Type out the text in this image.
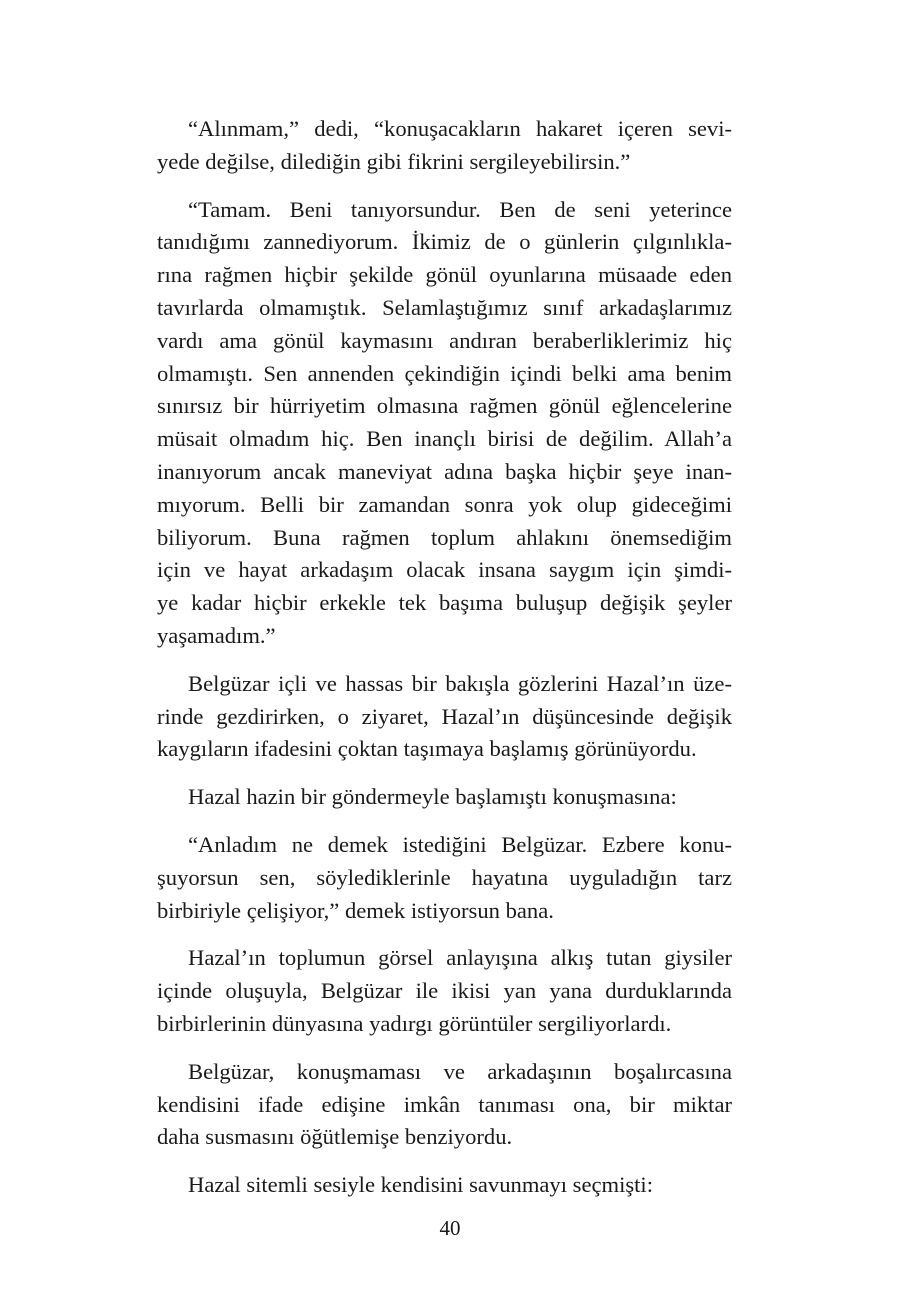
“Alınmam,” dedi, “konuşacakların hakaret içeren sevi-
yede değilse, dilediğin gibi fikrini sergileyebilirsin.”
“Tamam. Beni tanıyorsundur. Ben de seni yeterince
tanıdığımı zannediyorum. İkimiz de o günlerin çılgınlıkla-
rına rağmen hiçbir şekilde gönül oyunlarına müsaade eden
tavırlarda olmamıştık. Selamlaştığımız sınıf arkadaşlarımız
vardı ama gönül kaymasını andıran beraberliklerimiz hiç
olmamıştı. Sen annenden çekindiğin içindi belki ama benim
sınırsız bir hürriyetim olmasına rağmen gönül eğlencelerine
müsait olmadım hiç. Ben inançlı birisi de değilim. Allah’a
inanıyorum ancak maneviyat adına başka hiçbir şeye inan-
mıyorum. Belli bir zamandan sonra yok olup gideceğimi
biliyorum. Buna rağmen toplum ahlakını önemsediğim
için ve hayat arkadaşım olacak insana saygım için şimdi-
ye kadar hiçbir erkekle tek başıma buluşup değişik şeyler
yaşamadım.”
Belgüzar içli ve hassas bir bakışla gözlerini Hazal’ın üze-
rinde gezdirirken, o ziyaret, Hazal’ın düşüncesinde değişik
kaygıların ifadesini çoktan taşımaya başlamış görünüyordu.
Hazal hazin bir göndermeyle başlamıştı konuşmasına:
“Anladım ne demek istediğini Belgüzar. Ezbere konu-
şuyorsun sen, söylediklerinle hayatına uyguladığın tarz
birbiriyle çelişiyor,” demek istiyorsun bana.
Hazal’ın toplumun görsel anlayışına alkış tutan giysiler
içinde oluşuyla, Belgüzar ile ikisi yan yana durduklarında
birbirlerinin dünyasına yadırgı görüntüler sergiliyorlardı.
Belgüzar, konuşmaması ve arkadaşının boşalırcasına
kendisini ifade edişine imkân tanıması ona, bir miktar
daha susmasını öğütlemişe benziyordu.
Hazal sitemli sesiyle kendisini savunmayı seçmişti:
40
